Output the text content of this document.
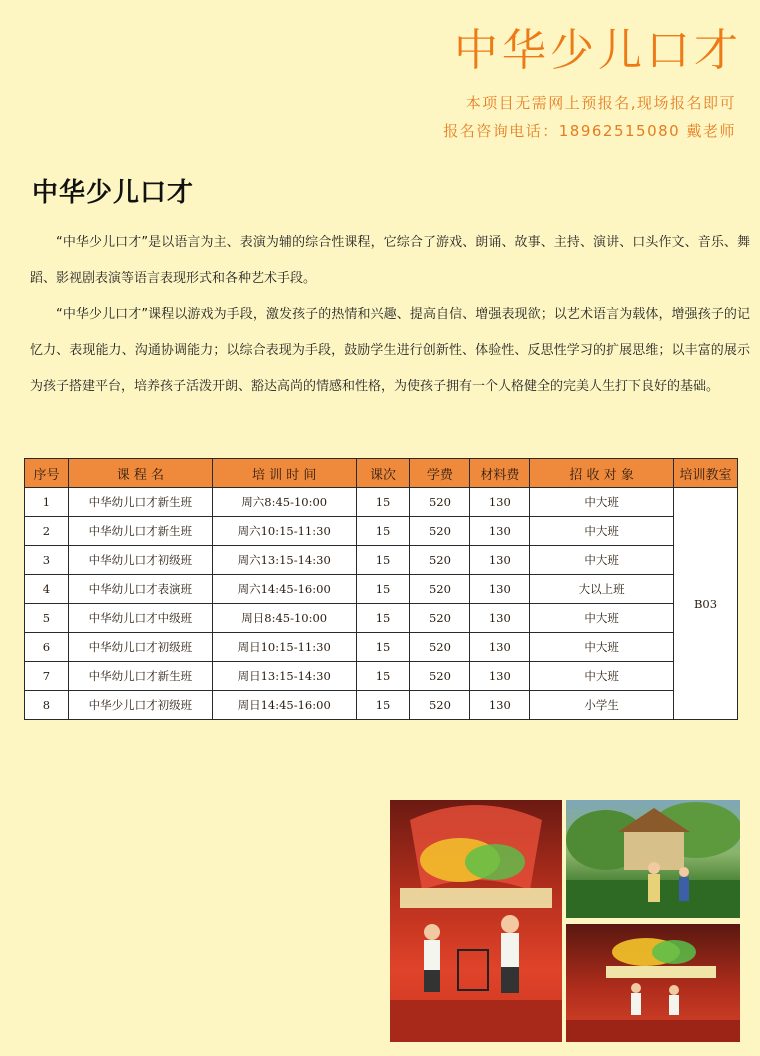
中华少儿口才
本项目无需网上预报名,现场报名即可
报名咨询电话：18962515080 戴老师
中华少儿口才

“中华少儿口才”是以语言为主、表演为辅的综合性课程，它综合了游戏、朗诵、故事、主持、演讲、口头作文、音乐、舞蹈、影视剧表演等语言表现形式和各种艺术手段。

“中华少儿口才”课程以游戏为手段，激发孩子的热情和兴趣、提高自信、增强表现欲；以艺术语言为载体，增强孩子的记忆力、表现能力、沟通协调能力；以综合表现为手段，鼓励学生进行创新性、体验性、反思性学习的扩展思维；以丰富的展示为孩子搭建平台，培养孩子活泼开朗、豁达高尚的情感和性格，为使孩子拥有一个人格健全的完美人生打下良好的基础。

序号	课 程 名	培 训 时 间	课次	学费	材料费	招 收 对 象	培训教室
1	中华幼儿口才新生班	周六8:45-10:00	15	520	130	中大班	B03
2	中华幼儿口才新生班	周六10:15-11:30	15	520	130	中大班	
3	中华幼儿口才初级班	周六13:15-14:30	15	520	130	中大班	
4	中华幼儿口才表演班	周六14:45-16:00	15	520	130	大以上班	
5	中华幼儿口才中级班	周日8:45-10:00	15	520	130	中大班	
6	中华幼儿口才初级班	周日10:15-11:30	15	520	130	中大班	
7	中华幼儿口才新生班	周日13:15-14:30	15	520	130	中大班	
8	中华少儿口才初级班	周日14:45-16:00	15	520	130	小学生	
